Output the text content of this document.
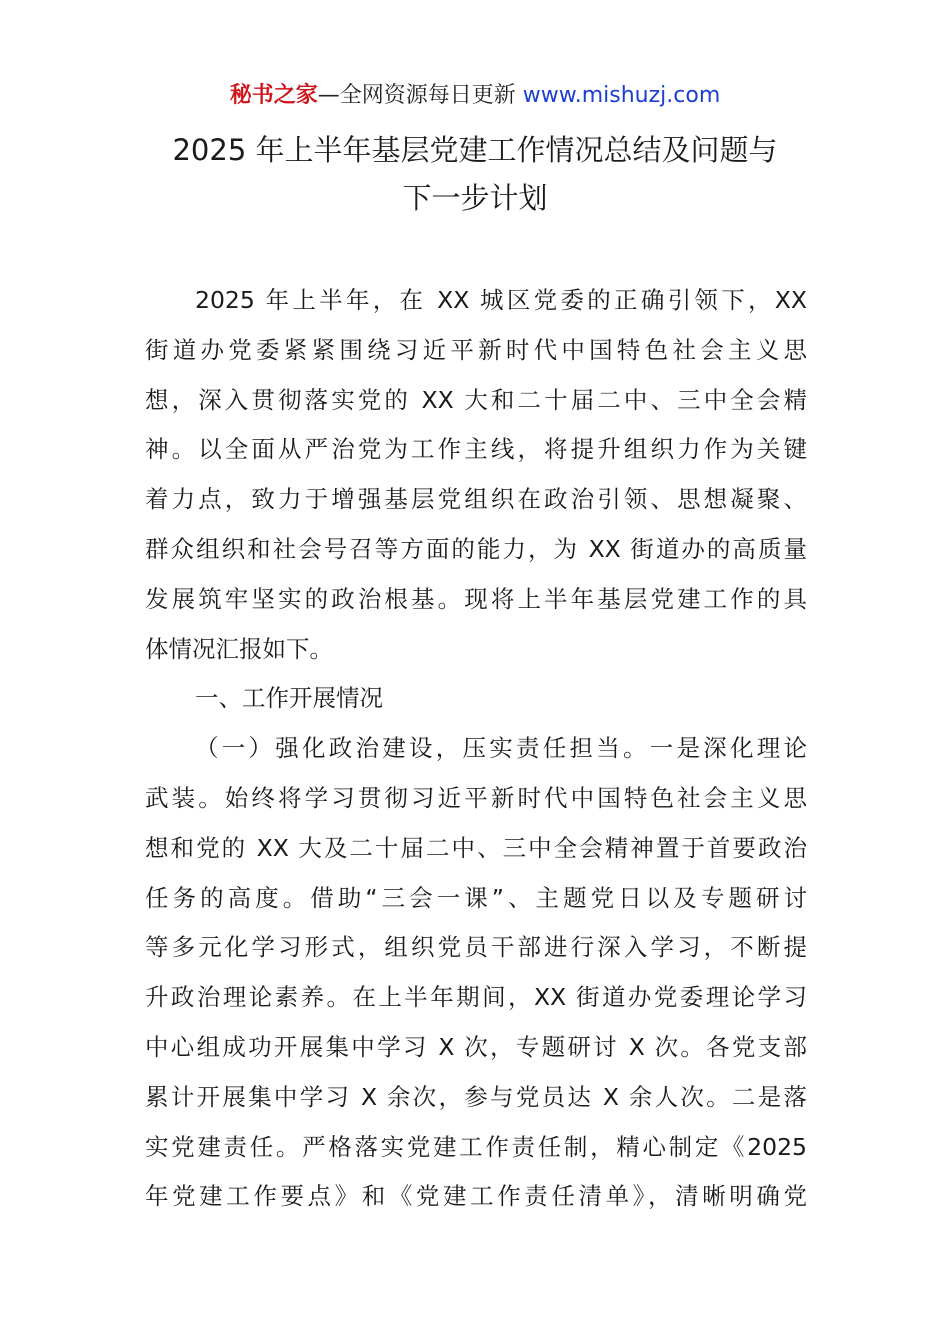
秘书之家—全网资源每日更新 www.mishuzj.com
2025 年上半年基层党建工作情况总结及问题与
下一步计划
2025 年上半年，在 XX 城区党委的正确引领下，XX
街道办党委紧紧围绕习近平新时代中国特色社会主义思
想，深入贯彻落实党的 XX 大和二十届二中、三中全会精
神。以全面从严治党为工作主线，将提升组织力作为关键
着力点，致力于增强基层党组织在政治引领、思想凝聚、
群众组织和社会号召等方面的能力，为 XX 街道办的高质量
发展筑牢坚实的政治根基。现将上半年基层党建工作的具
体情况汇报如下。
一、工作开展情况
（一）强化政治建设，压实责任担当。一是深化理论
武装。始终将学习贯彻习近平新时代中国特色社会主义思
想和党的 XX 大及二十届二中、三中全会精神置于首要政治
任务的高度。借助“三会一课”、主题党日以及专题研讨
等多元化学习形式，组织党员干部进行深入学习，不断提
升政治理论素养。在上半年期间，XX 街道办党委理论学习
中心组成功开展集中学习 X 次，专题研讨 X 次。各党支部
累计开展集中学习 X 余次，参与党员达 X 余人次。二是落
实党建责任。严格落实党建工作责任制，精心制定《2025
年党建工作要点》和《党建工作责任清单》，清晰明确党
